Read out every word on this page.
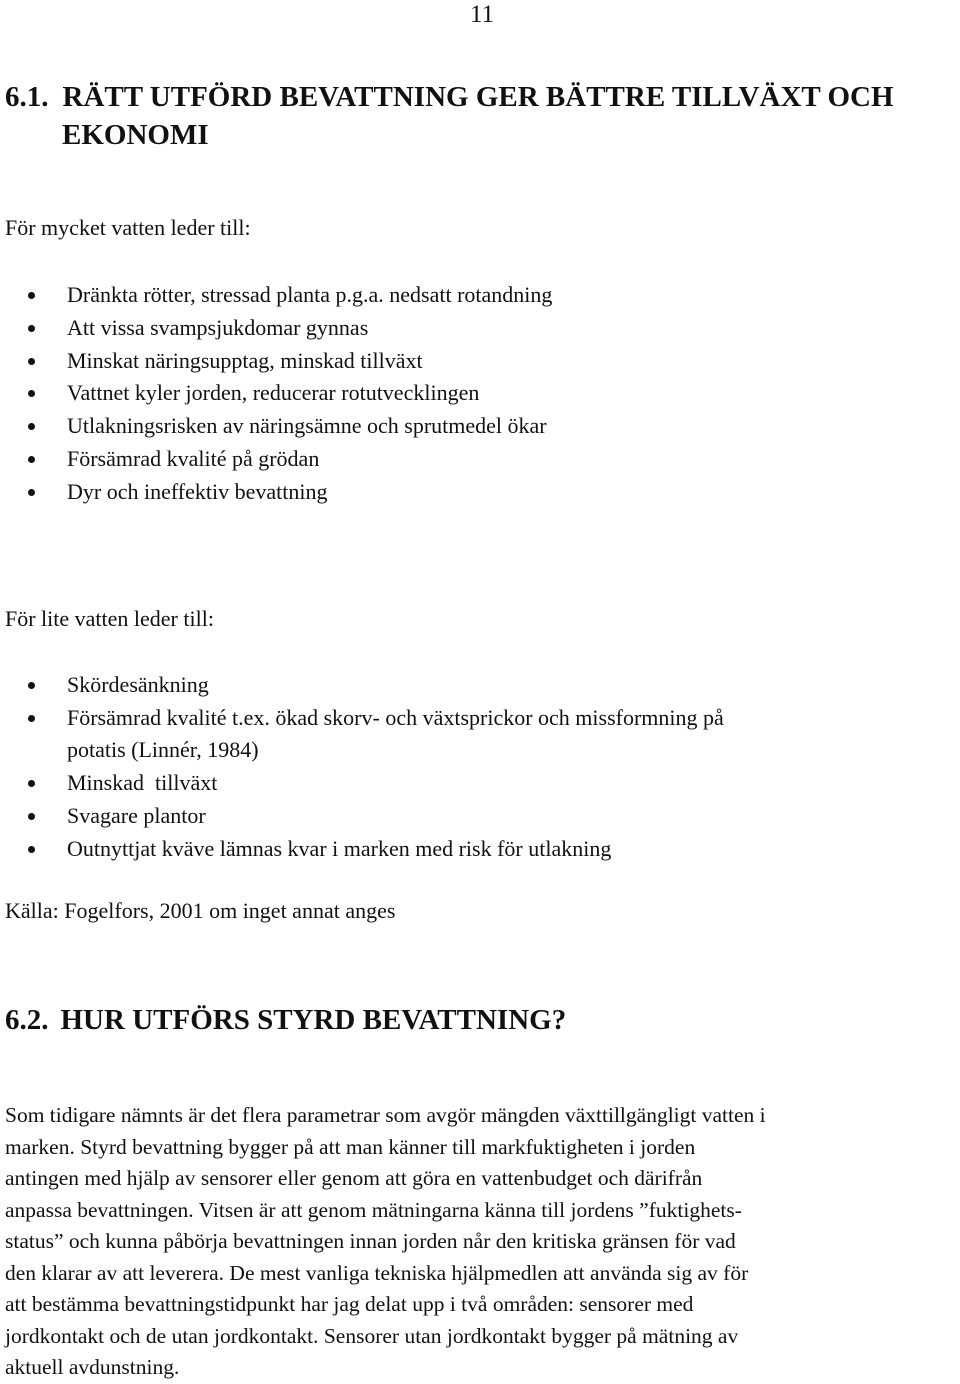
11
6.1. RÄTT UTFÖRD BEVATTNING GER BÄTTRE TILLVÄXT OCH
EKONOMI

För mycket vatten leder till:

Dränkta rötter, stressad planta p.g.a. nedsatt rotandning
Att vissa svampsjukdomar gynnas
Minskat näringsupptag, minskad tillväxt
Vattnet kyler jorden, reducerar rotutvecklingen
Utlakningsrisken av näringsämne och sprutmedel ökar
Försämrad kvalité på grödan
Dyr och ineffektiv bevattning

För lite vatten leder till:

Skördesänkning
Försämrad kvalité t.ex. ökad skorv- och växtsprickor och missformning på
potatis (Linnér, 1984)
Minskad  tillväxt
Svagare plantor
Outnyttjat kväve lämnas kvar i marken med risk för utlakning

Källa: Fogelfors, 2001 om inget annat anges

6.2. HUR UTFÖRS STYRD BEVATTNING?

Som tidigare nämnts är det flera parametrar som avgör mängden växttillgängligt vatten i
marken. Styrd bevattning bygger på att man känner till markfuktigheten i jorden
antingen med hjälp av sensorer eller genom att göra en vattenbudget och därifrån
anpassa bevattningen. Vitsen är att genom mätningarna känna till jordens ”fuktighets-
status” och kunna påbörja bevattningen innan jorden når den kritiska gränsen för vad
den klarar av att leverera. De mest vanliga tekniska hjälpmedlen att använda sig av för
att bestämma bevattningstidpunkt har jag delat upp i två områden: sensorer med
jordkontakt och de utan jordkontakt. Sensorer utan jordkontakt bygger på mätning av
aktuell avdunstning.
